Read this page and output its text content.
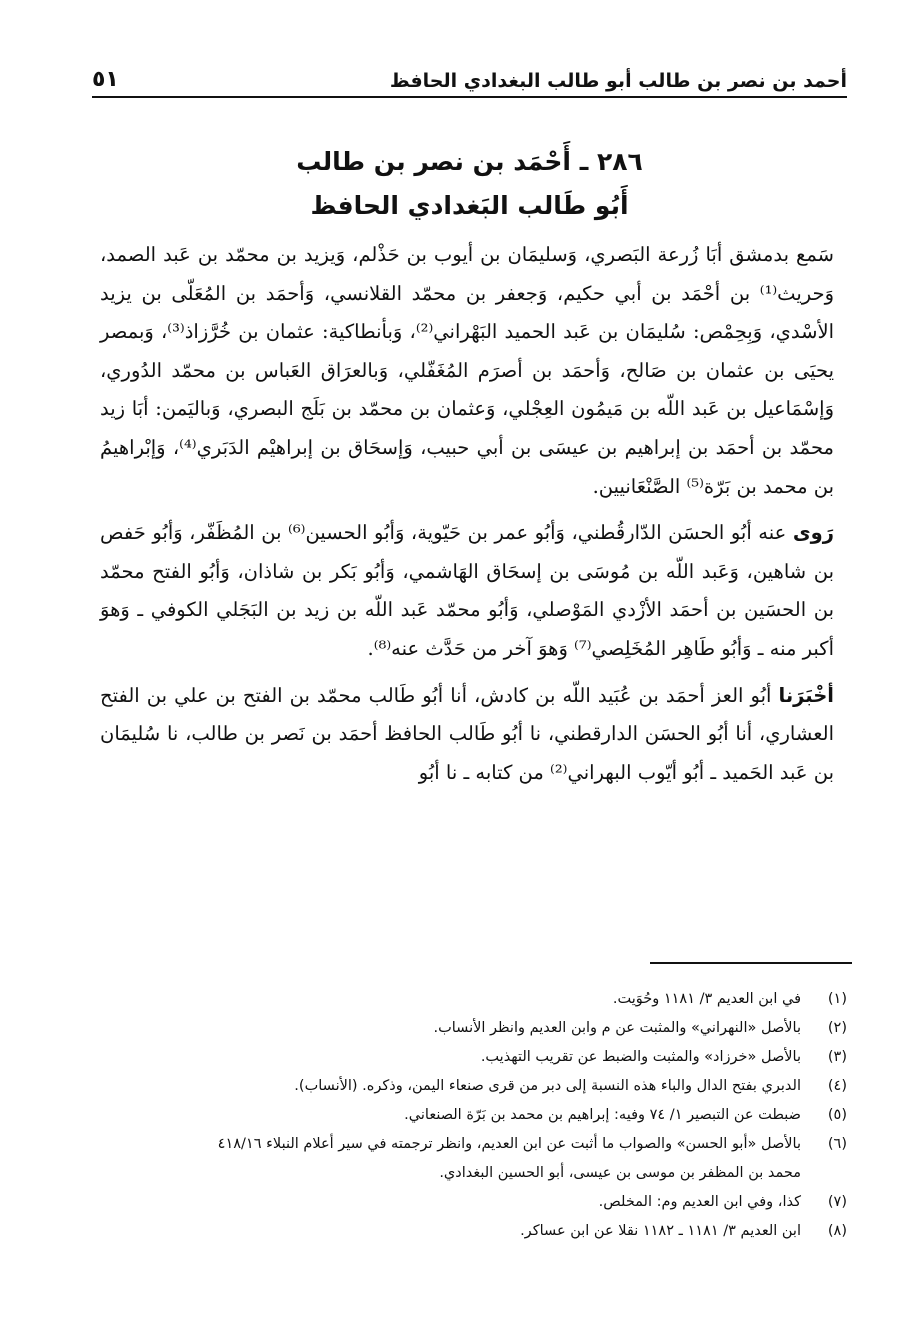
أحمد بن نصر بن طالب أبو طالب البغدادي الحافظ
٥١
٢٨٦ ـ أَحْمَد بن نصر بن طالب
أَبُو طَالب البَغدادي الحافظ

سَمع بدمشق أبَا زُرعة البَصري، وَسليمَان بن أيوب بن حَذْلم، وَيزيد بن محمّد بن عَبد الصمد، وَحريث⁽¹⁾ بن أحْمَد بن أبي حكيم، وَجعفر بن محمّد القلانسي، وَأحمَد بن المُعَلّى بن يزيد الأسْدي، وَبِحِمْص: سُليمَان بن عَبد الحميد البَهْراني⁽²⁾، وَبأنطاكية: عثمان بن خُرَّزاذ⁽³⁾، وَبمصر يحيَى بن عثمان بن صَالح، وَأحمَد بن أصرَم المُغَفّلي، وَبالعرَاق العَباس بن محمّد الدُوري، وَإسْمَاعيل بن عَبد اللّه بن مَيمُون العِجْلي، وَعثمان بن محمّد بن بَلَج البصري، وَباليَمن: أبَا زيد محمّد بن أحمَد بن إبراهيم بن عيسَى بن أبي حبيب، وَإسحَاق بن إبراهيْم الدَبَري⁽⁴⁾، وَإبْراهيمُ بن محمد بن بَرّة⁽⁵⁾ الصَّنْعَانيين.

رَوى عنه أبُو الحسَن الدّارقُطني، وَأبُو عمر بن حَيّوية، وَأبُو الحسين⁽⁶⁾ بن المُظَفّر، وَأبُو حَفص بن شاهين، وَعَبد اللّه بن مُوسَى بن إسحَاق الهَاشمي، وَأبُو بَكر بن شاذان، وَأبُو الفتح محمّد بن الحسَين بن أحمَد الأزْدي المَوْصلي، وَأبُو محمّد عَبد اللّه بن زيد بن البَجَلي الكوفي ـ وَهوَ أكبر منه ـ وَأبُو طَاهِر المُخَلِصي⁽⁷⁾ وَهوَ آخر من حَدَّث عنه⁽⁸⁾.

أخْبَرَنا أبُو العز أحمَد بن عُبَيد اللّه بن كادش، أنا أبُو طَالب محمّد بن الفتح بن علي بن الفتح العشاري، أنا أبُو الحسَن الدارقطني، نا أبُو طَالب الحافظ أحمَد بن نَصر بن طالب، نا سُليمَان بن عَبد الحَميد ـ أبُو أيّوب البهراني⁽²⁾ من كتابه ـ نا أبُو

(١)
في ابن العديم ٣/ ١١٨١ وحُوَيت.
(٢)
بالأصل «النهراني» والمثبت عن م وابن العديم وانظر الأنساب.
(٣)
بالأصل «خرزاد» والمثبت والضبط عن تقريب التهذيب.
(٤)
الدبري بفتح الدال والباء هذه النسبة إلى دبر من قرى صنعاء اليمن، وذكره. (الأنساب).
(٥)
ضبطت عن التبصير ١/ ٧٤ وفيه: إبراهيم بن محمد بن بَرّة الصنعاني.
(٦)
بالأصل «أبو الحسن» والصواب ما أثبت عن ابن العديم، وانظر ترجمته في سير أعلام النبلاء ٤١٨/١٦
محمد بن المظفر بن موسى بن عيسى، أبو الحسين البغدادي.
(٧)
كذا، وفي ابن العديم وم: المخلص.
(٨)
ابن العديم ٣/ ١١٨١ ـ ١١٨٢ نقلا عن ابن عساكر.
